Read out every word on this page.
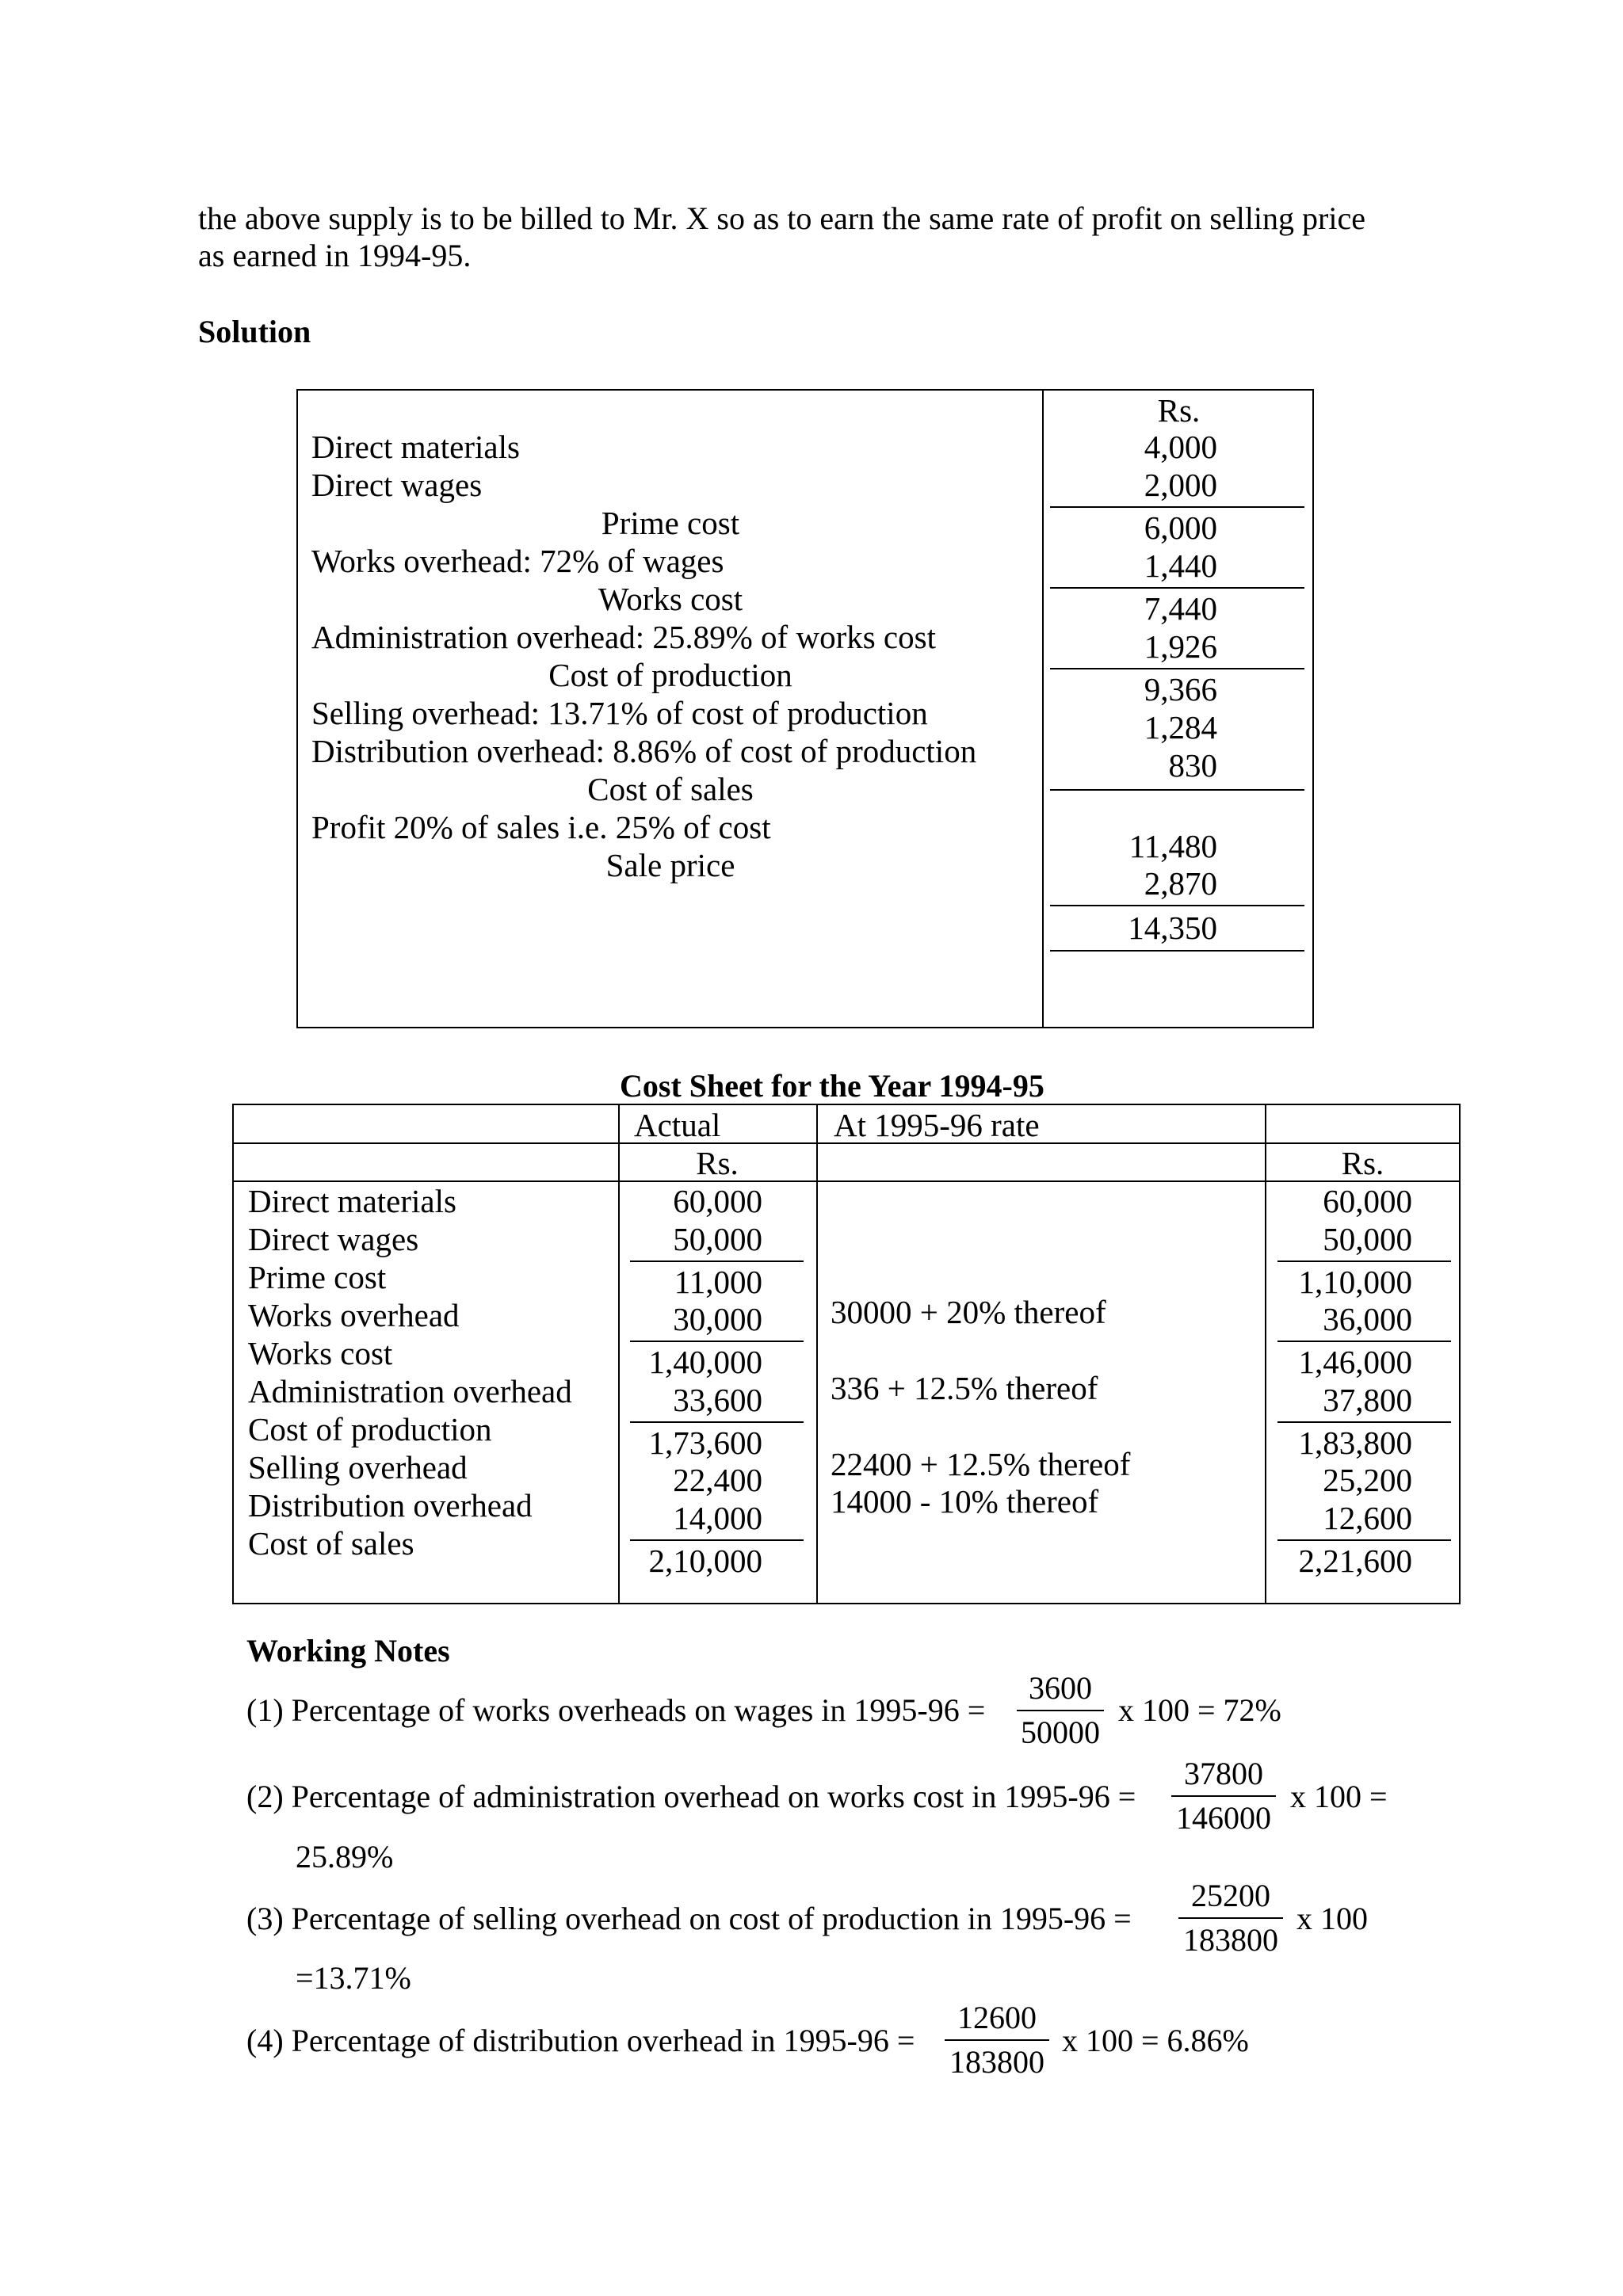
the above supply is to be billed to Mr. X so as to earn the same rate of profit on selling price
as earned in 1994-95.
Solution
Rs.
Direct materials
Direct wages
Prime cost
Works overhead: 72% of wages
Works cost
Administration overhead: 25.89% of works cost
Cost of production
Selling overhead: 13.71% of cost of production
Distribution overhead: 8.86% of cost of production
Cost of sales
Profit 20% of sales i.e. 25% of cost
Sale price
4,000
2,000
6,000
1,440
7,440
1,926
9,366
1,284
830
11,480
2,870
14,350
Cost Sheet for the Year 1994-95
Actual	At 1995-96 rate
Rs.	Rs.
Direct materials
Direct wages
Prime cost
Works overhead
Works cost
Administration overhead
Cost of production
Selling overhead
Distribution overhead
Cost of sales
60,000
50,000
11,000
30,000
1,40,000
33,600
1,73,600
22,400
14,000
2,10,000
30000 + 20% thereof
336 + 12.5% thereof
22400 + 12.5% thereof
14000 - 10% thereof
60,000
50,000
1,10,000
36,000
1,46,000
37,800
1,83,800
25,200
12,600
2,21,600
Working Notes
(1) Percentage of works overheads on wages in 1995-96 =
3600
50000
x 100 = 72%
(2) Percentage of administration overhead on works cost in 1995-96 =
37800
146000
x 100 =
25.89%
(3) Percentage of selling overhead on cost of production in 1995-96 =
25200
183800
x 100
=13.71%
(4) Percentage of distribution overhead in 1995-96 =
12600
183800
x 100 = 6.86%
